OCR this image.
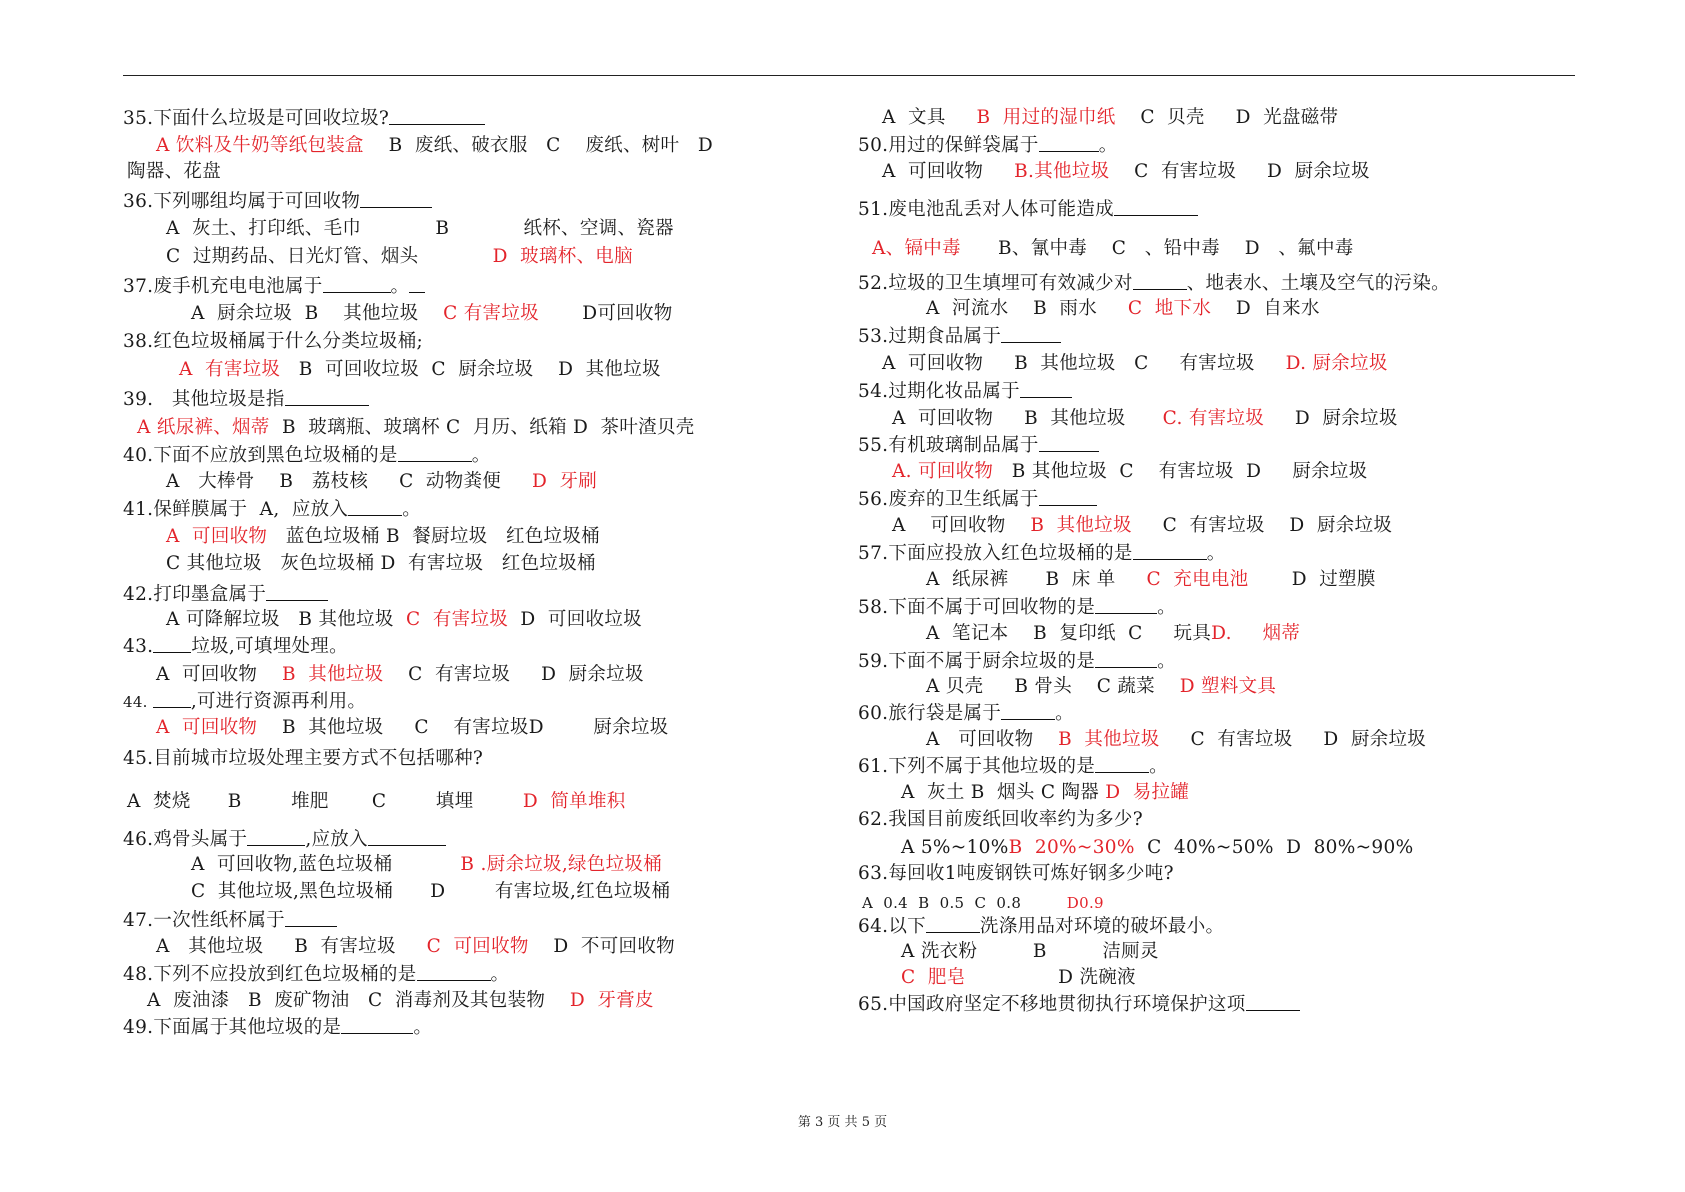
35.下面什么垃圾是可回收垃圾?
A 饮料及牛奶等纸包装盒    B  废纸、破衣服   C    废纸、树叶   D
陶器、花盘
36.下列哪组均属于可回收物
A  灰土、打印纸、毛巾            B            纸杯、空调、瓷器
C  过期药品、日光灯管、烟头            D  玻璃杯、电脑
37.废手机充电电池属于	。
A  厨余垃圾  B    其他垃圾    C 有害垃圾       D可回收物
38.红色垃圾桶属于什么分类垃圾桶;
A  有害垃圾   B  可回收垃圾  C  厨余垃圾    D  其他垃圾
39.   其他垃圾是指
A 纸尿裤、烟蒂  B  玻璃瓶、玻璃杯 C  月历、纸箱 D  茶叶渣贝壳
40.下面不应放到黑色垃圾桶的是	。
A   大棒骨    B   荔枝核     C  动物粪便     D  牙刷
41.保鲜膜属于  A,  应放入	。
A  可回收物   蓝色垃圾桶 B  餐厨垃圾   红色垃圾桶
C 其他垃圾   灰色垃圾桶 D  有害垃圾   红色垃圾桶
42.打印墨盒属于
A 可降解垃圾   B 其他垃圾  C  有害垃圾  D  可回收垃圾
43. 垃圾,可填埋处理。
A  可回收物    B  其他垃圾    C  有害垃圾     D  厨余垃圾
44. ,可进行资源再利用。
A  可回收物    B  其他垃圾     C    有害垃圾D        厨余垃圾
45.目前城市垃圾处理主要方式不包括哪种?
A  焚烧      B        堆肥       C        填埋        D  简单堆积
46.鸡骨头属于	,应放入
A  可回收物,蓝色垃圾桶           B .厨余垃圾,绿色垃圾桶
C  其他垃圾,黑色垃圾桶      D        有害垃圾,红色垃圾桶
47.一次性纸杯属于
A   其他垃圾     B  有害垃圾     C  可回收物    D  不可回收物
48.下列不应投放到红色垃圾桶的是	。
A  废油漆   B  废矿物油   C  消毒剂及其包装物    D  牙膏皮
49.下面属于其他垃圾的是	。
A  文具     B  用过的湿巾纸    C  贝壳     D  光盘磁带
50.用过的保鲜袋属于	。
A  可回收物     B.其他垃圾    C  有害垃圾     D  厨余垃圾
51.废电池乱丢对人体可能造成
A、镉中毒      B、氰中毒    C   、铅中毒    D   、氟中毒
52.垃圾的卫生填埋可有效减少对	、地表水、土壤及空气的污染。
A  河流水    B  雨水     C  地下水    D  自来水
53.过期食品属于
A  可回收物     B  其他垃圾   C     有害垃圾     D. 厨余垃圾
54.过期化妆品属于
A  可回收物     B  其他垃圾      C. 有害垃圾     D  厨余垃圾
55.有机玻璃制品属于
A. 可回收物   B 其他垃圾  C    有害垃圾  D     厨余垃圾
56.废弃的卫生纸属于
A    可回收物    B  其他垃圾     C  有害垃圾    D  厨余垃圾
57.下面应投放入红色垃圾桶的是	。
A  纸尿裤      B  床 单     C  充电电池       D  过塑膜
58.下面不属于可回收物的是	。
A  笔记本    B  复印纸  C     玩具D.     烟蒂
59.下面不属于厨余垃圾的是	。
A 贝壳     B 骨头    C 蔬菜    D 塑料文具
60.旅行袋是属于	。
A   可回收物    B  其他垃圾     C  有害垃圾     D  厨余垃圾
61.下列不属于其他垃圾的是	。
A  灰土 B  烟头 C 陶器 D  易拉罐
62.我国目前废纸回收率约为多少?
A 5%~10%B  20%~30%  C  40%~50%  D  80%~90%
63.每回收1吨废钢铁可炼好钢多少吨?
A  0.4  B  0.5  C  0.8         D0.9
64.以下	洗涤用品对环境的破坏最小。
A 洗衣粉         B         洁厕灵
C  肥皂               D 洗碗液
65.中国政府坚定不移地贯彻执行环境保护这项
第 3 页 共 5 页
